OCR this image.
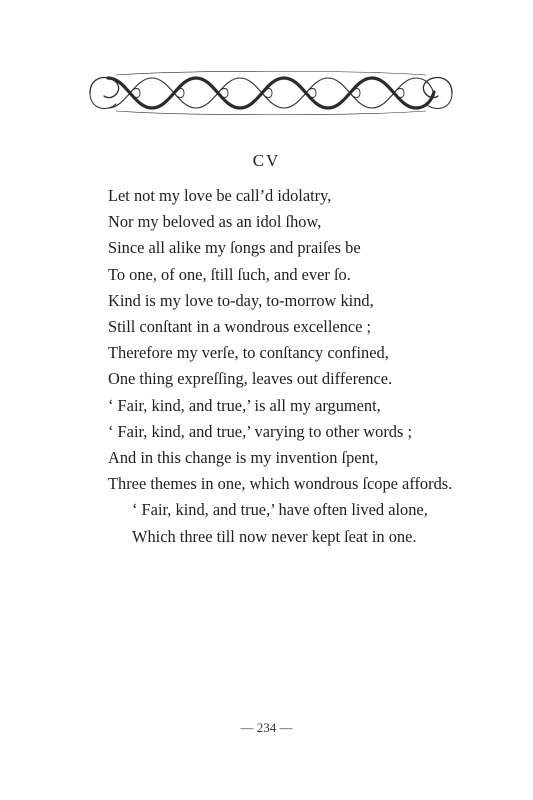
CV
Let not my love be call’d idolatry,
Nor my beloved as an idol ſhow,
Since all alike my ſongs and praiſes be
To one, of one, ſtill ſuch, and ever ſo.
Kind is my love to-day, to-morrow kind,
Still conſtant in a wondrous excellence ;
Therefore my verſe, to conſtancy confined,
One thing expreſſing, leaves out difference.
‘ Fair, kind, and true,’ is all my argument,
‘ Fair, kind, and true,’ varying to other words ;
And in this change is my invention ſpent,
Three themes in one, which wondrous ſcope affords.
‘ Fair, kind, and true,’ have often lived alone,
Which three till now never kept ſeat in one.
— 234 —
